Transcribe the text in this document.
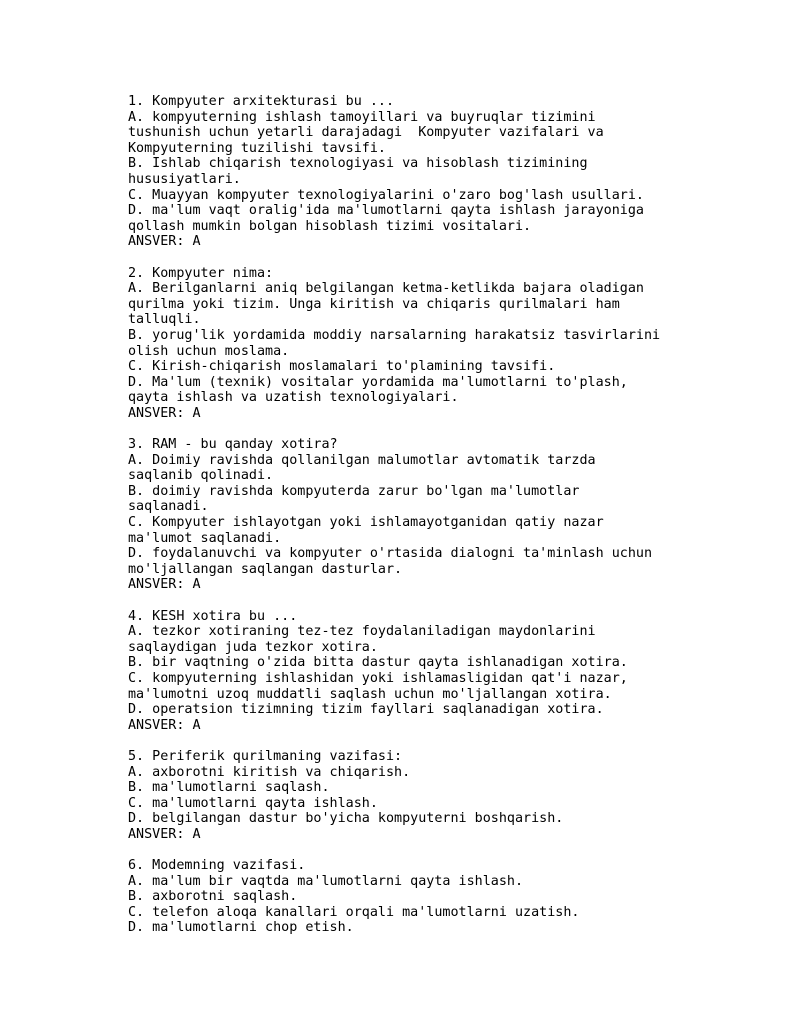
1. Kompyuter arxitekturasi bu ...
A. kompyuterning ishlash tamoyillari va buyruqlar tizimini
tushunish uchun yetarli darajadagi  Kompyuter vazifalari va
Kompyuterning tuzilishi tavsifi.
B. Ishlab chiqarish texnologiyasi va hisoblash tizimining
hususiyatlari.
C. Muayyan kompyuter texnologiyalarini o'zaro bog'lash usullari.
D. ma'lum vaqt oralig'ida ma'lumotlarni qayta ishlash jarayoniga
qollash mumkin bolgan hisoblash tizimi vositalari.
ANSVER: A
2. Kompyuter nima:
A. Berilganlarni aniq belgilangan ketma-ketlikda bajara oladigan
qurilma yoki tizim. Unga kiritish va chiqaris qurilmalari ham
talluqli.
B. yorug'lik yordamida moddiy narsalarning harakatsiz tasvirlarini
olish uchun moslama.
C. Kirish-chiqarish moslamalari to'plamining tavsifi.
D. Ma'lum (texnik) vositalar yordamida ma'lumotlarni to'plash,
qayta ishlash va uzatish texnologiyalari.
ANSVER: A
3. RAM - bu qanday xotira?
A. Doimiy ravishda qollanilgan malumotlar avtomatik tarzda
saqlanib qolinadi.
B. doimiy ravishda kompyuterda zarur bo'lgan ma'lumotlar
saqlanadi.
C. Kompyuter ishlayotgan yoki ishlamayotganidan qatiy nazar
ma'lumot saqlanadi.
D. foydalanuvchi va kompyuter o'rtasida dialogni ta'minlash uchun
mo'ljallangan saqlangan dasturlar.
ANSVER: A
4. KESH xotira bu ...
A. tezkor xotiraning tez-tez foydalaniladigan maydonlarini
saqlaydigan juda tezkor xotira.
B. bir vaqtning o'zida bitta dastur qayta ishlanadigan xotira.
C. kompyuterning ishlashidan yoki ishlamasligidan qat'i nazar,
ma'lumotni uzoq muddatli saqlash uchun mo'ljallangan xotira.
D. operatsion tizimning tizim fayllari saqlanadigan xotira.
ANSVER: A
5. Periferik qurilmaning vazifasi:
A. axborotni kiritish va chiqarish.
B. ma'lumotlarni saqlash.
C. ma'lumotlarni qayta ishlash.
D. belgilangan dastur bo'yicha kompyuterni boshqarish.
ANSVER: A
6. Modemning vazifasi.
A. ma'lum bir vaqtda ma'lumotlarni qayta ishlash.
B. axborotni saqlash.
C. telefon aloqa kanallari orqali ma'lumotlarni uzatish.
D. ma'lumotlarni chop etish.
